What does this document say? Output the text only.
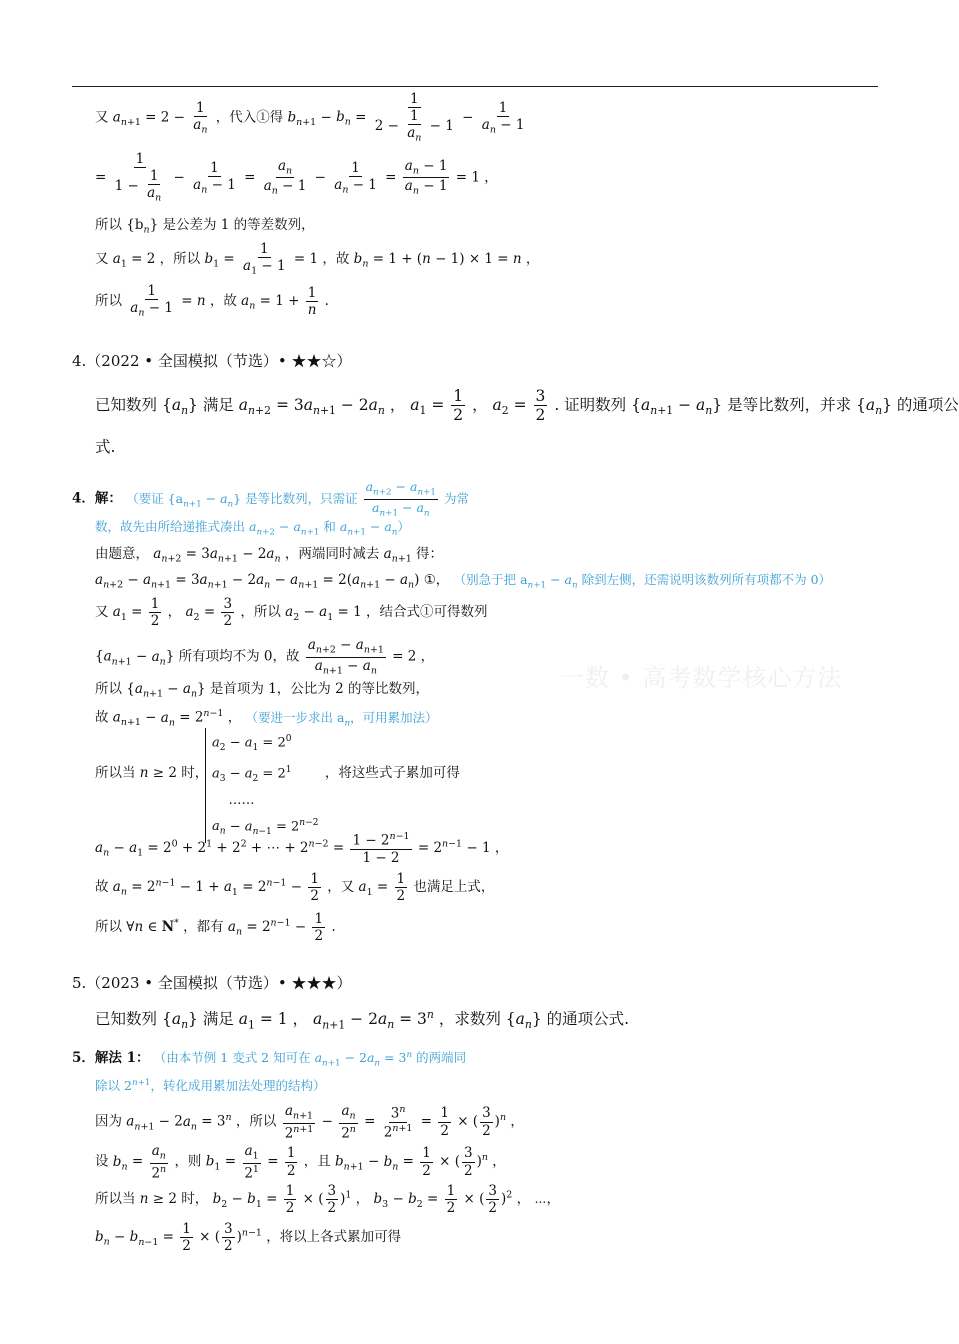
又 $a_{n+1} = 2 - \frac{1}{a_n}$ ，代入①得 $b_{n+1} - b_n = \frac{1}{2 - \frac{1}{a_n} - 1} - \frac{1}{a_n - 1}$
= $\frac{1}{1 - \frac{1}{a_n}} - \frac{1}{a_n - 1} = \frac{a_n}{a_n - 1} - \frac{1}{a_n - 1} = \frac{a_n - 1}{a_n - 1} = 1$ ，
所以 $\{b_n\}$ 是公差为 1 的等差数列，
又 $a_1 = 2$ ，所以 $b_1 = \frac{1}{a_1 - 1} = 1$ ，故 $b_n = 1 + (n - 1) \times 1 = n$ ，
所以 $\frac{1}{a_n - 1} = n$ ，故 $a_n = 1 + \frac{1}{n}$ .
4.（2022 • 全国模拟（节选）• ★★☆）
已知数列 $\{a_n\}$ 满足 $a_{n+2} = 3a_{n+1} - 2a_n$ ， $a_1 = \frac{1}{2}$ ， $a_2 = \frac{3}{2}$ . 证明数列 $\{a_{n+1} - a_n\}$ 是等比数列，并求 $\{a_n\}$ 的通项公
式.
4．解： （要证 $\{a_{n+1} - a_n\}$ 是等比数列，只需证 $\frac{a_{n+2} - a_{n+1}}{a_{n+1} - a_n}$ 为常
数，故先由所给递推式凑出 $a_{n+2} - a_{n+1}$ 和 $a_{n+1} - a_n$）
由题意， $a_{n+2} = 3a_{n+1} - 2a_n$ ，两端同时减去 $a_{n+1}$ 得：
$a_{n+2} - a_{n+1} = 3a_{n+1} - 2a_n - a_{n+1} = 2(a_{n+1} - a_n)$ ①， （别急于把 $a_{n+1} - a_n$ 除到左侧，还需说明该数列所有项都不为 0）
又 $a_1 = \frac{1}{2}$ ， $a_2 = \frac{3}{2}$ ，所以 $a_2 - a_1 = 1$ ，结合式①可得数列
$\{a_{n+1} - a_n\}$ 所有项均不为 0，故 $\frac{a_{n+2} - a_{n+1}}{a_{n+1} - a_n} = 2$ ，
一数 • 高考数学核心方法
所以 $\{a_{n+1} - a_n\}$ 是首项为 1，公比为 2 的等比数列，
故 $a_{n+1} - a_n = 2^{n-1}$ ， （要进一步求出 $a_n$，可用累加法）
所以当 n ≥ 2 时，	，将这些式子累加可得
$a_2 - a_1 = 2^0$
$a_3 - a_2 = 2^1$
……
$a_n - a_{n-1} = 2^{n-2}$
$a_n - a_1 = 2^0 + 2^1 + 2^2$ + ⋯ + $2^{n-2} = \frac{1 - 2^{n-1}}{1 - 2} = 2^{n-1} - 1$ ，
故 $a_n = 2^{n-1} - 1 + a_1 = 2^{n-1} - \frac{1}{2}$ ，又 $a_1 = \frac{1}{2}$ 也满足上式，
所以 ∀n ∈ N* ，都有 $a_n = 2^{n-1} - \frac{1}{2}$ .
5.（2023 • 全国模拟（节选）• ★★★）
已知数列 $\{a_n\}$ 满足 $a_1 = 1$ ， $a_{n+1} - 2a_n = 3^n$ ，求数列 $\{a_n\}$ 的通项公式.
5．解法 1： （由本节例 1 变式 2 知可在 $a_{n+1} - 2a_n = 3^n$ 的两端同
除以 $2^{n+1}$，转化成用累加法处理的结构）
因为 $a_{n+1} - 2a_n = 3^n$ ，所以 $\frac{a_{n+1}}{2^{n+1}} - \frac{a_n}{2^n} = \frac{3^n}{2^{n+1}} = \frac{1}{2}$ × ( $\frac{3}{2} )^n$ ，
设 $b_n = \frac{a_n}{2^n}$ ，则 $b_1 = \frac{a_1}{2^1} = \frac{1}{2}$ ，且 $b_{n+1} - b_n = \frac{1}{2}$ × ( $\frac{3}{2} )^n$ ，
所以当 n ≥ 2 时， $b_2 - b_1 = \frac{1}{2}$ × ( $\frac{3}{2} )^1$ ， $b_3 - b_2 = \frac{1}{2}$ × ( $\frac{3}{2} )^2$ ， ⋯，
$b_n - b_{n-1} = \frac{1}{2}$ × ( $\frac{3}{2} )^{n-1}$ ，将以上各式累加可得
